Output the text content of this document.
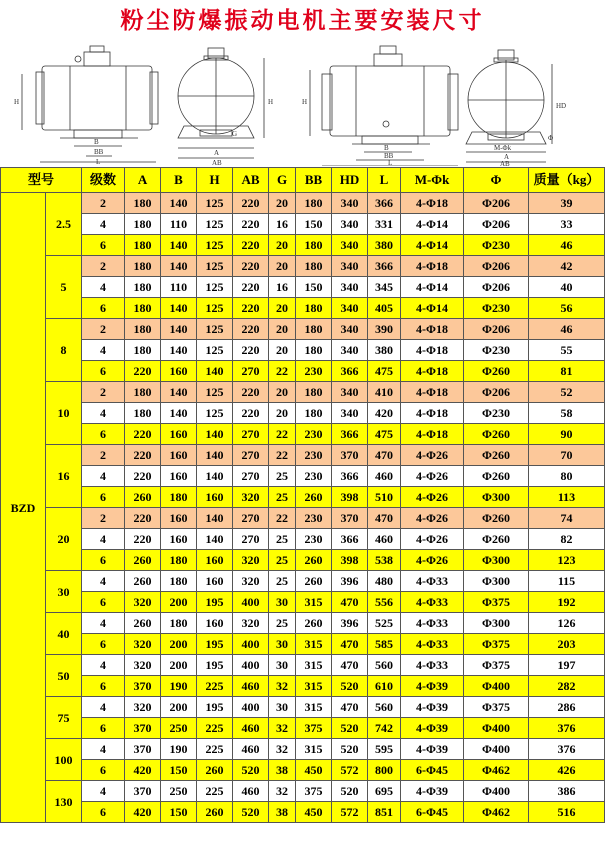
粉尘防爆振动电机主要安装尺寸
B
BB
L
H
AB
A
G
H
B
BB
L
H
M-Φk
A
AB
Φ
HD
型号		级数	A	B	H	AB	G	BB	HD	L	M-Φk	Φ	质量（kg）
BZD	2.5	2	180	140	125	220	20	180	340	366	4-Φ18	Φ206	39
		4	180	110	125	220	16	150	340	331	4-Φ14	Φ206	33
		6	180	140	125	220	20	180	340	380	4-Φ14	Φ230	46
	5	2	180	140	125	220	20	180	340	366	4-Φ18	Φ206	42
		4	180	110	125	220	16	150	340	345	4-Φ14	Φ206	40
		6	180	140	125	220	20	180	340	405	4-Φ14	Φ230	56
	8	2	180	140	125	220	20	180	340	390	4-Φ18	Φ206	46
		4	180	140	125	220	20	180	340	380	4-Φ18	Φ230	55
		6	220	160	140	270	22	230	366	475	4-Φ18	Φ260	81
	10	2	180	140	125	220	20	180	340	410	4-Φ18	Φ206	52
		4	180	140	125	220	20	180	340	420	4-Φ18	Φ230	58
		6	220	160	140	270	22	230	366	475	4-Φ18	Φ260	90
	16	2	220	160	140	270	22	230	370	470	4-Φ26	Φ260	70
		4	220	160	140	270	25	230	366	460	4-Φ26	Φ260	80
		6	260	180	160	320	25	260	398	510	4-Φ26	Φ300	113
	20	2	220	160	140	270	22	230	370	470	4-Φ26	Φ260	74
		4	220	160	140	270	25	230	366	460	4-Φ26	Φ260	82
		6	260	180	160	320	25	260	398	538	4-Φ26	Φ300	123
	30	4	260	180	160	320	25	260	396	480	4-Φ33	Φ300	115
		6	320	200	195	400	30	315	470	556	4-Φ33	Φ375	192
	40	4	260	180	160	320	25	260	396	525	4-Φ33	Φ300	126
		6	320	200	195	400	30	315	470	585	4-Φ33	Φ375	203
	50	4	320	200	195	400	30	315	470	560	4-Φ33	Φ375	197
		6	370	190	225	460	32	315	520	610	4-Φ39	Φ400	282
	75	4	320	200	195	400	30	315	470	560	4-Φ39	Φ375	286
		6	370	250	225	460	32	375	520	742	4-Φ39	Φ400	376
	100	4	370	190	225	460	32	315	520	595	4-Φ39	Φ400	376
		6	420	150	260	520	38	450	572	800	6-Φ45	Φ462	426
	130	4	370	250	225	460	32	375	520	695	4-Φ39	Φ400	386
		6	420	150	260	520	38	450	572	851	6-Φ45	Φ462	516
